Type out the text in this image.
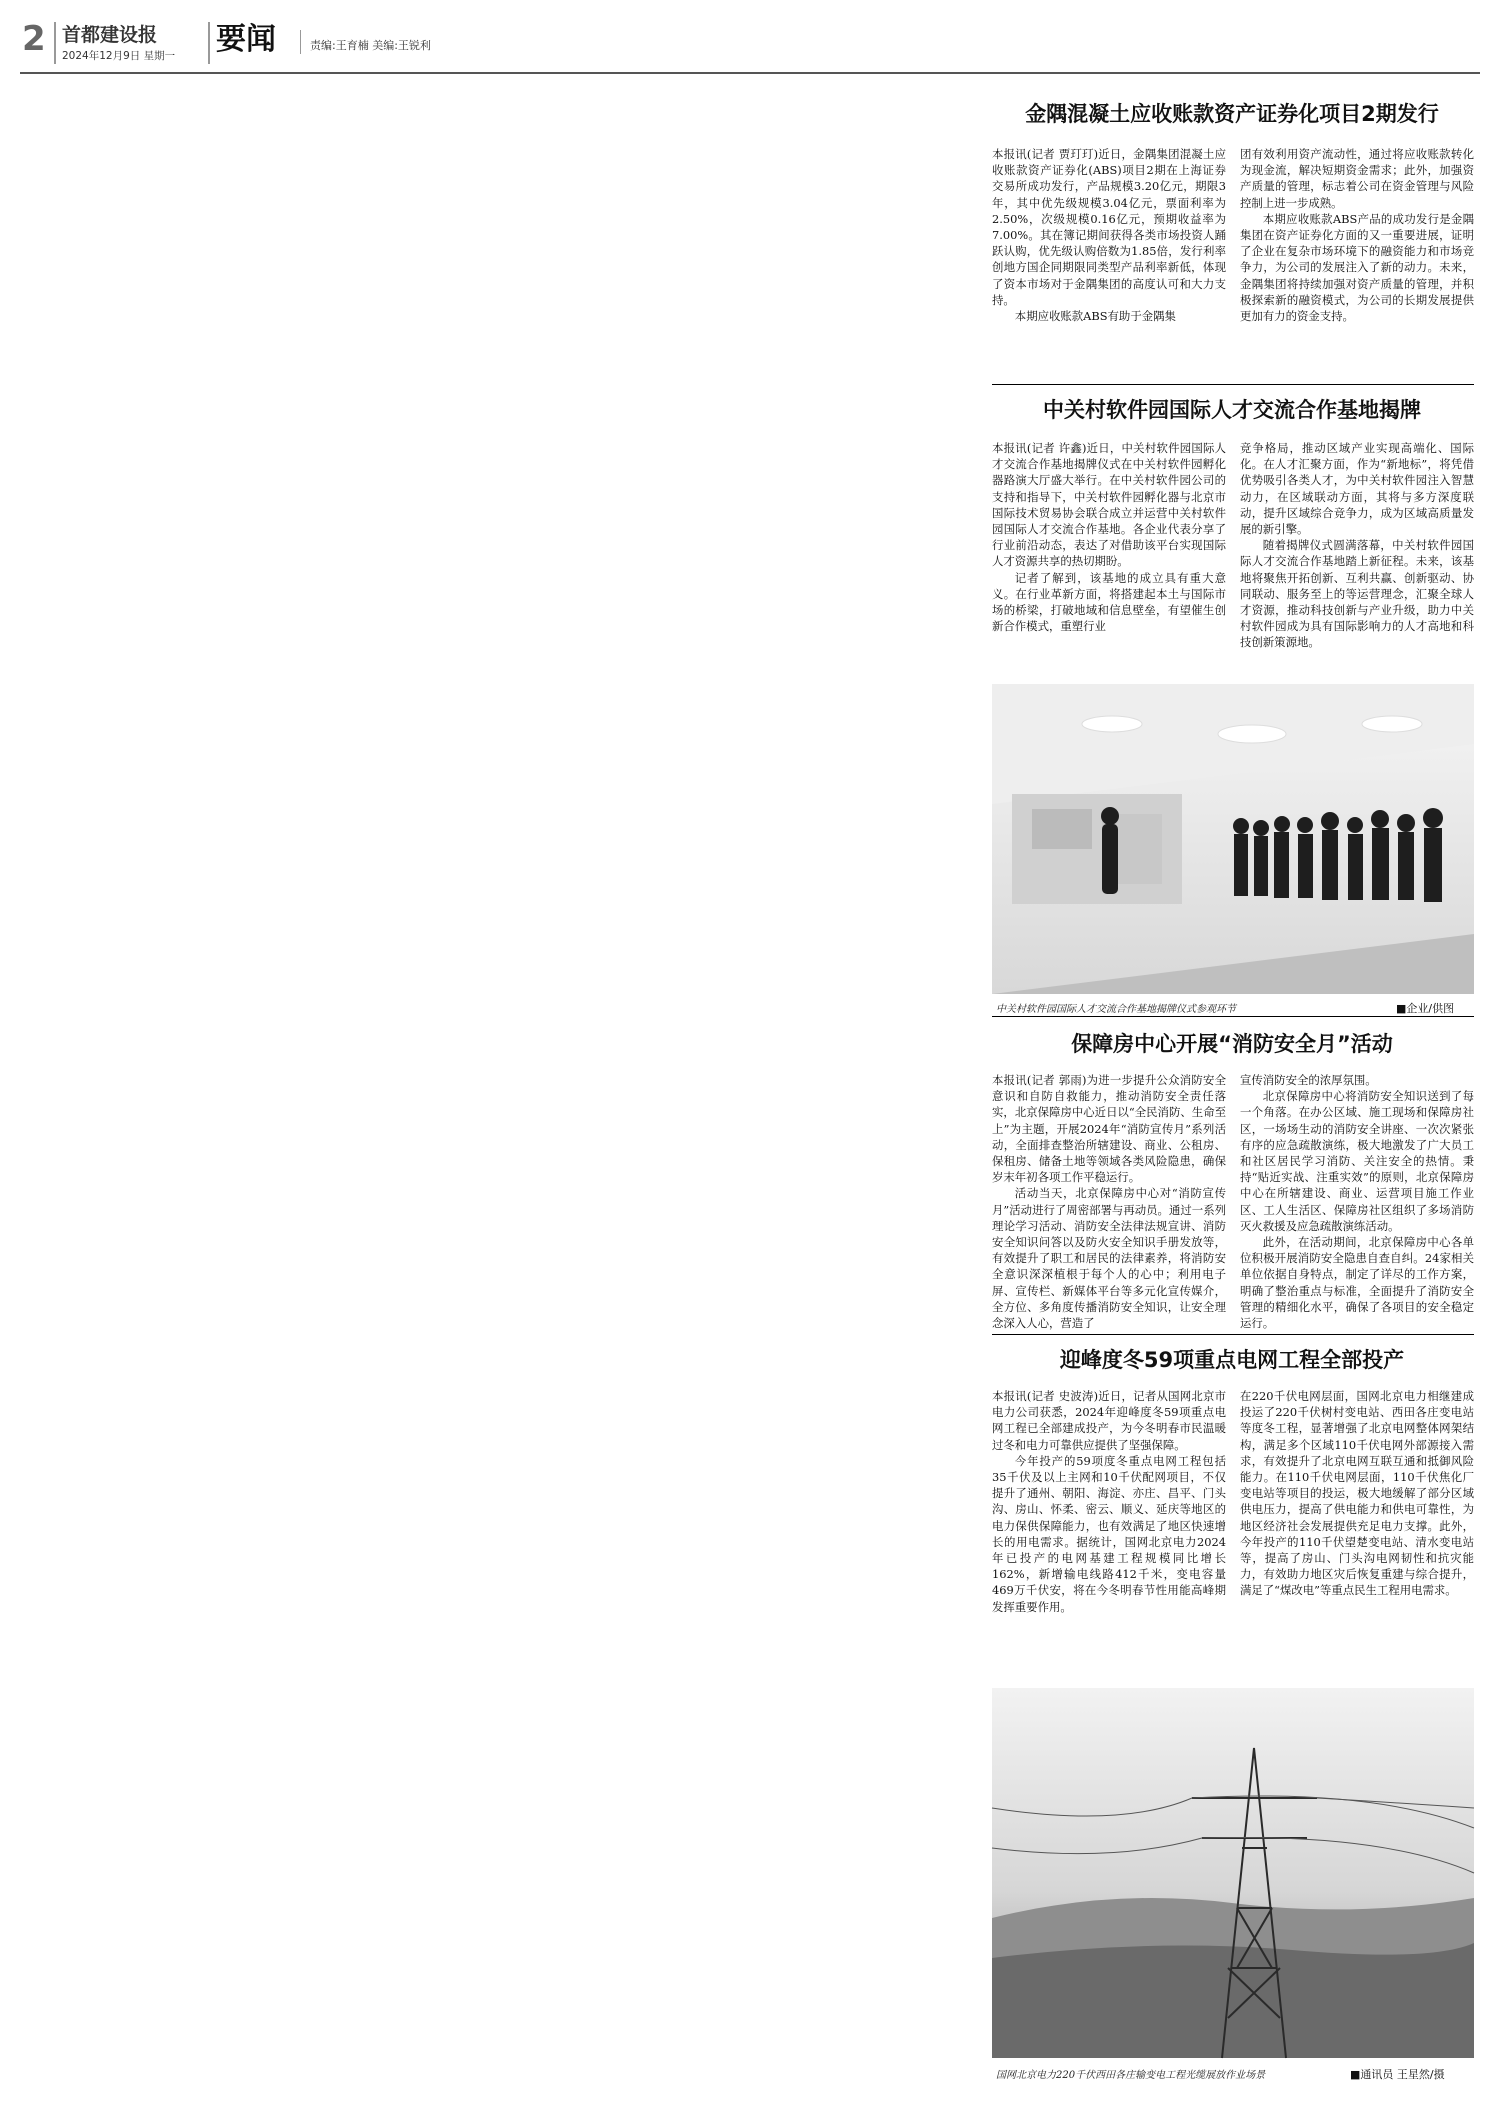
2 首都建设报
2024年12月9日 星期一 要闻	责编:王育楠 美编:王锐利
金隅混凝土应收账款资产证券化项目2期发行

本报讯(记者 贾玎玎)近日，金隅集团混凝土应收账款资产证券化(ABS)项目2期在上海证券交易所成功发行，产品规模3.20亿元，期限3年，其中优先级规模3.04亿元，票面利率为2.50%，次级规模0.16亿元，预期收益率为7.00%。其在簿记期间获得各类市场投资人踊跃认购，优先级认购倍数为1.85倍，发行利率创地方国企同期限同类型产品利率新低，体现了资本市场对于金隅集团的高度认可和大力支持。

本期应收账款ABS有助于金隅集

团有效利用资产流动性，通过将应收账款转化为现金流，解决短期资金需求；此外，加强资产质量的管理，标志着公司在资金管理与风险控制上进一步成熟。

本期应收账款ABS产品的成功发行是金隅集团在资产证券化方面的又一重要进展，证明了企业在复杂市场环境下的融资能力和市场竞争力，为公司的发展注入了新的动力。未来，金隅集团将持续加强对资产质量的管理，并积极探索新的融资模式，为公司的长期发展提供更加有力的资金支持。

中关村软件园国际人才交流合作基地揭牌

本报讯(记者 许鑫)近日，中关村软件园国际人才交流合作基地揭牌仪式在中关村软件园孵化器路演大厅盛大举行。在中关村软件园公司的支持和指导下，中关村软件园孵化器与北京市国际技术贸易协会联合成立并运营中关村软件园国际人才交流合作基地。各企业代表分享了行业前沿动态，表达了对借助该平台实现国际人才资源共享的热切期盼。

记者了解到，该基地的成立具有重大意义。在行业革新方面，将搭建起本土与国际市场的桥梁，打破地域和信息壁垒，有望催生创新合作模式，重塑行业

竞争格局，推动区域产业实现高端化、国际化。在人才汇聚方面，作为“新地标”，将凭借优势吸引各类人才，为中关村软件园注入智慧动力，在区域联动方面，其将与多方深度联动，提升区域综合竞争力，成为区域高质量发展的新引擎。

随着揭牌仪式圆满落幕，中关村软件园国际人才交流合作基地踏上新征程。未来，该基地将聚焦开拓创新、互利共赢、创新驱动、协同联动、服务至上的等运营理念，汇聚全球人才资源，推动科技创新与产业升级，助力中关村软件园成为具有国际影响力的人才高地和科技创新策源地。

中关村软件园国际人才交流合作基地揭牌仪式参观环节	■企业/供图
保障房中心开展“消防安全月”活动

本报讯(记者 郭雨)为进一步提升公众消防安全意识和自防自救能力，推动消防安全责任落实，北京保障房中心近日以“全民消防、生命至上”为主题，开展2024年“消防宣传月”系列活动，全面排查整治所辖建设、商业、公租房、保租房、储备土地等领域各类风险隐患，确保岁末年初各项工作平稳运行。

活动当天，北京保障房中心对“消防宣传月”活动进行了周密部署与再动员。通过一系列理论学习活动、消防安全法律法规宣讲、消防安全知识问答以及防火安全知识手册发放等，有效提升了职工和居民的法律素养，将消防安全意识深深植根于每个人的心中；利用电子屏、宣传栏、新媒体平台等多元化宣传媒介，全方位、多角度传播消防安全知识，让安全理念深入人心，营造了

宣传消防安全的浓厚氛围。

北京保障房中心将消防安全知识送到了每一个角落。在办公区域、施工现场和保障房社区，一场场生动的消防安全讲座、一次次紧张有序的应急疏散演练，极大地激发了广大员工和社区居民学习消防、关注安全的热情。秉持“贴近实战、注重实效”的原则，北京保障房中心在所辖建设、商业、运营项目施工作业区、工人生活区、保障房社区组织了多场消防灭火救援及应急疏散演练活动。

此外，在活动期间，北京保障房中心各单位积极开展消防安全隐患自查自纠。24家相关单位依据自身特点，制定了详尽的工作方案，明确了整治重点与标准，全面提升了消防安全管理的精细化水平，确保了各项目的安全稳定运行。

迎峰度冬59项重点电网工程全部投产

本报讯(记者 史波涛)近日，记者从国网北京市电力公司获悉，2024年迎峰度冬59项重点电网工程已全部建成投产，为今冬明春市民温暖过冬和电力可靠供应提供了坚强保障。

今年投产的59项度冬重点电网工程包括35千伏及以上主网和10千伏配网项目，不仅提升了通州、朝阳、海淀、亦庄、昌平、门头沟、房山、怀柔、密云、顺义、延庆等地区的电力保供保障能力，也有效满足了地区快速增长的用电需求。据统计，国网北京电力2024年已投产的电网基建工程规模同比增长162%，新增输电线路412千米，变电容量469万千伏安，将在今冬明春节性用能高峰期发挥重要作用。

在220千伏电网层面，国网北京电力相继建成投运了220千伏树村变电站、西田各庄变电站等度冬工程，显著增强了北京电网整体网架结构，满足多个区域110千伏电网外部源接入需求，有效提升了北京电网互联互通和抵御风险能力。在110千伏电网层面，110千伏焦化厂变电站等项目的投运，极大地缓解了部分区域供电压力，提高了供电能力和供电可靠性，为地区经济社会发展提供充足电力支撑。此外，今年投产的110千伏望楚变电站、清水变电站等，提高了房山、门头沟电网韧性和抗灾能力，有效助力地区灾后恢复重建与综合提升，满足了“煤改电”等重点民生工程用电需求。

国网北京电力220千伏西田各庄输变电工程光缆展放作业场景	■通讯员 王星然/摄
